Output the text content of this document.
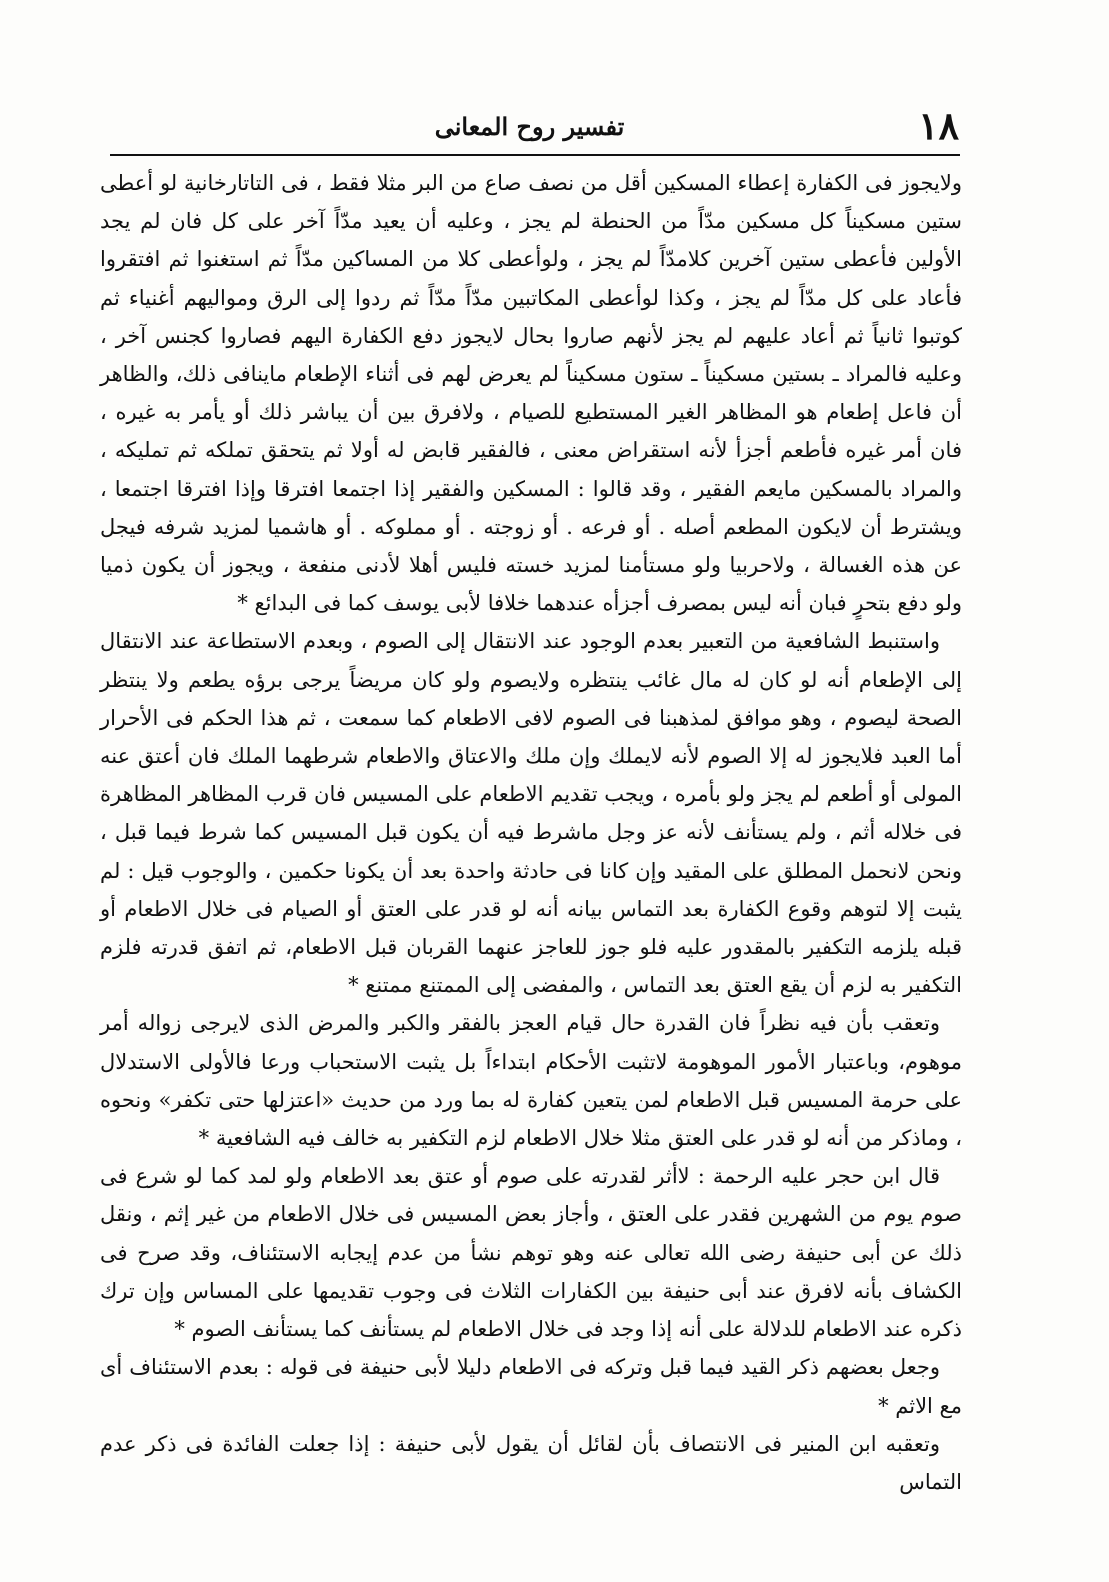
١٨
تفسير روح المعانى

ولايجوز فى الكفارة إعطاء المسكين أقل من نصف صاع من البر مثلا فقط ، فى التاتارخانية لو أعطى ستين مسكيناً كل مسكين مدّاً من الحنطة لم يجز ، وعليه أن يعيد مدّاً آخر على كل فان لم يجد الأولين فأعطى ستين آخرين كلامدّاً لم يجز ، ولوأعطى كلا من المساكين مدّاً ثم استغنوا ثم افتقروا فأعاد على كل مدّاً لم يجز ، وكذا لوأعطى المكاتبين مدّاً مدّاً ثم ردوا إلى الرق ومواليهم أغنياء ثم كوتبوا ثانياً ثم أعاد عليهم لم يجز لأنهم صاروا بحال لايجوز دفع الكفارة اليهم فصاروا كجنس آخر ، وعليه فالمراد ـ بستين مسكيناً ـ ستون مسكيناً لم يعرض لهم فى أثناء الإطعام ماينافى ذلك، والظاهر أن فاعل إطعام هو المظاهر الغير المستطيع للصيام ، ولافرق بين أن يباشر ذلك أو يأمر به غيره ، فان أمر غيره فأطعم أجزأ لأنه استقراض معنى ، فالفقير قابض له أولا ثم يتحقق تملكه ثم تمليكه ، والمراد بالمسكين مايعم الفقير ، وقد قالوا : المسكين والفقير إذا اجتمعا افترقا وإذا افترقا اجتمعا ، ويشترط أن لايكون المطعم أصله . أو فرعه . أو زوجته . أو مملوكه . أو هاشميا لمزيد شرفه فيجل عن هذه الغسالة ، ولاحربيا ولو مستأمنا لمزيد خسته فليس أهلا لأدنى منفعة ، ويجوز أن يكون ذميا ولو دفع بتحرٍ فبان أنه ليس بمصرف أجزأه عندهما خلافا لأبى يوسف كما فى البدائع *

واستنبط الشافعية من التعبير بعدم الوجود عند الانتقال إلى الصوم ، وبعدم الاستطاعة عند الانتقال إلى الإطعام أنه لو كان له مال غائب ينتظره ولايصوم ولو كان مريضاً يرجى برؤه يطعم ولا ينتظر الصحة ليصوم ، وهو موافق لمذهبنا فى الصوم لافى الاطعام كما سمعت ، ثم هذا الحكم فى الأحرار أما العبد فلايجوز له إلا الصوم لأنه لايملك وإن ملك والاعتاق والاطعام شرطهما الملك فان أعتق عنه المولى أو أطعم لم يجز ولو بأمره ، ويجب تقديم الاطعام على المسيس فان قرب المظاهر المظاهرة فى خلاله أثم ، ولم يستأنف لأنه عز وجل ماشرط فيه أن يكون قبل المسيس كما شرط فيما قبل ، ونحن لانحمل المطلق على المقيد وإن كانا فى حادثة واحدة بعد أن يكونا حكمين ، والوجوب قيل : لم يثبت إلا لتوهم وقوع الكفارة بعد التماس بيانه أنه لو قدر على العتق أو الصيام فى خلال الاطعام أو قبله يلزمه التكفير بالمقدور عليه فلو جوز للعاجز عنهما القربان قبل الاطعام، ثم اتفق قدرته فلزم التكفير به لزم أن يقع العتق بعد التماس ، والمفضى إلى الممتنع ممتنع *

وتعقب بأن فيه نظراً فان القدرة حال قيام العجز بالفقر والكبر والمرض الذى لايرجى زواله أمر موهوم، وباعتبار الأمور الموهومة لاتثبت الأحكام ابتداءاً بل يثبت الاستحباب ورعا فالأولى الاستدلال على حرمة المسيس قبل الاطعام لمن يتعين كفارة له بما ورد من حديث «اعتزلها حتى تكفر» ونحوه ، وماذكر من أنه لو قدر على العتق مثلا خلال الاطعام لزم التكفير به خالف فيه الشافعية *

قال ابن حجر عليه الرحمة : لاأثر لقدرته على صوم أو عتق بعد الاطعام ولو لمد كما لو شرع فى صوم يوم من الشهرين فقدر على العتق ، وأجاز بعض المسيس فى خلال الاطعام من غير إثم ، ونقل ذلك عن أبى حنيفة رضى الله تعالى عنه وهو توهم نشأ من عدم إيجابه الاستئناف، وقد صرح فى الكشاف بأنه لافرق عند أبى حنيفة بين الكفارات الثلاث فى وجوب تقديمها على المساس وإن ترك ذكره عند الاطعام للدلالة على أنه إذا وجد فى خلال الاطعام لم يستأنف كما يستأنف الصوم *

وجعل بعضهم ذكر القيد فيما قبل وتركه فى الاطعام دليلا لأبى حنيفة فى قوله : بعدم الاستئناف أى مع الاثم *

وتعقبه ابن المنير فى الانتصاف بأن لقائل أن يقول لأبى حنيفة : إذا جعلت الفائدة فى ذكر عدم التماس
